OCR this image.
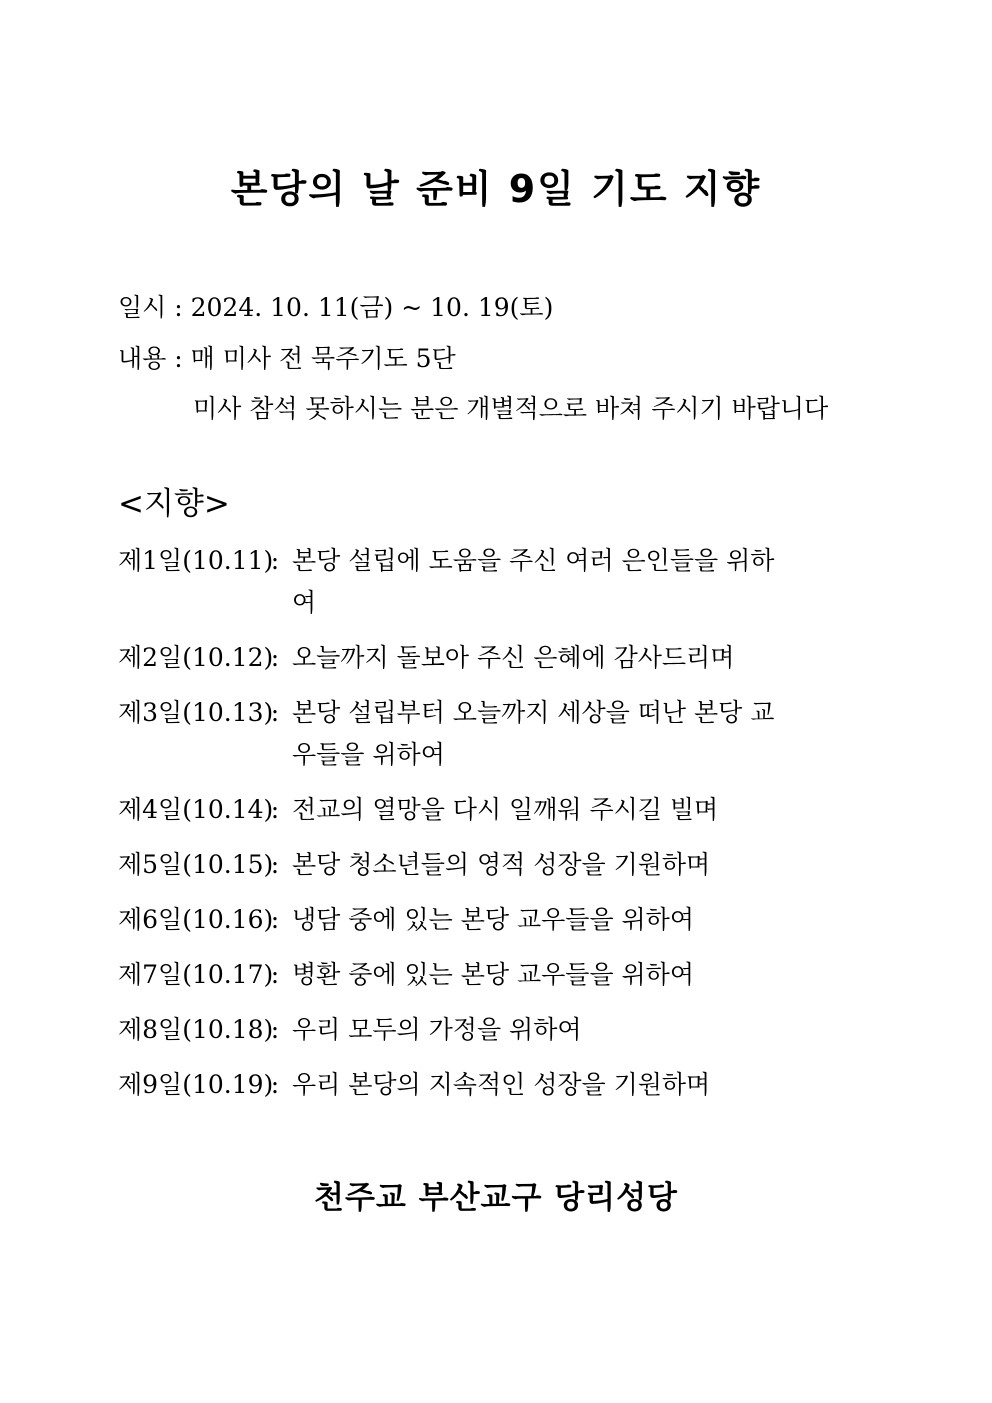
본당의 날 준비 9일 기도 지향
일시 : 2024. 10. 11(금) ~ 10. 19(토)
내용 : 매 미사 전 묵주기도 5단
미사 참석 못하시는 분은 개별적으로 바쳐 주시기 바랍니다
<지향>
제1일(10.11)
: 본당 설립에 도움을 주신 여러 은인들을 위하여
제2일(10.12)
: 오늘까지 돌보아 주신 은혜에 감사드리며
제3일(10.13)
: 본당 설립부터 오늘까지 세상을 떠난 본당 교우들을 위하여
제4일(10.14)
: 전교의 열망을 다시 일깨워 주시길 빌며
제5일(10.15)
: 본당 청소년들의 영적 성장을 기원하며
제6일(10.16)
: 냉담 중에 있는 본당 교우들을 위하여
제7일(10.17)
: 병환 중에 있는 본당 교우들을 위하여
제8일(10.18)
: 우리 모두의 가정을 위하여
제9일(10.19)
: 우리 본당의 지속적인 성장을 기원하며
천주교 부산교구 당리성당
